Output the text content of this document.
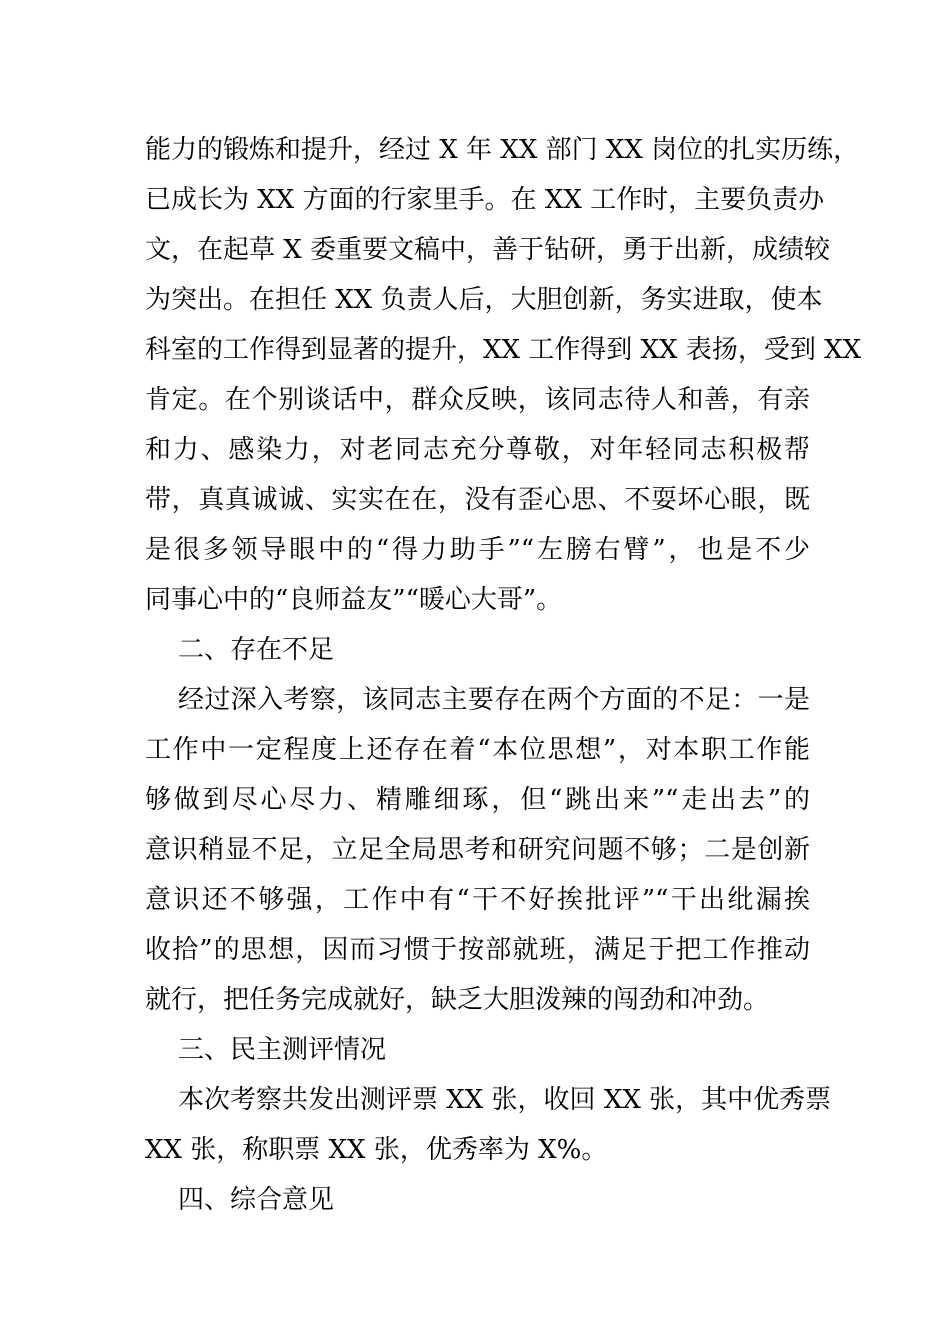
能力的锻炼和提升，经过 X 年 XX 部门 XX 岗位的扎实历练，
已成长为 XX 方面的行家里手。在 XX 工作时，主要负责办
文，在起草 X 委重要文稿中，善于钻研，勇于出新，成绩较
为突出。在担任 XX 负责人后，大胆创新，务实进取，使本
科室的工作得到显著的提升，XX 工作得到 XX 表扬，受到 XX
肯定。在个别谈话中，群众反映，该同志待人和善，有亲
和力、感染力，对老同志充分尊敬，对年轻同志积极帮
带，真真诚诚、实实在在，没有歪心思、不耍坏心眼，既
是很多领导眼中的“得力助手”“左膀右臂”，也是不少
同事心中的“良师益友”“暖心大哥”。
二、存在不足
经过深入考察，该同志主要存在两个方面的不足：一是
工作中一定程度上还存在着“本位思想”，对本职工作能
够做到尽心尽力、精雕细琢，但“跳出来”“走出去”的
意识稍显不足，立足全局思考和研究问题不够；二是创新
意识还不够强，工作中有“干不好挨批评”“干出纰漏挨
收拾”的思想，因而习惯于按部就班，满足于把工作推动
就行，把任务完成就好，缺乏大胆泼辣的闯劲和冲劲。
三、民主测评情况
本次考察共发出测评票 XX 张，收回 XX 张，其中优秀票
XX 张，称职票 XX 张，优秀率为 X%。
四、综合意见
